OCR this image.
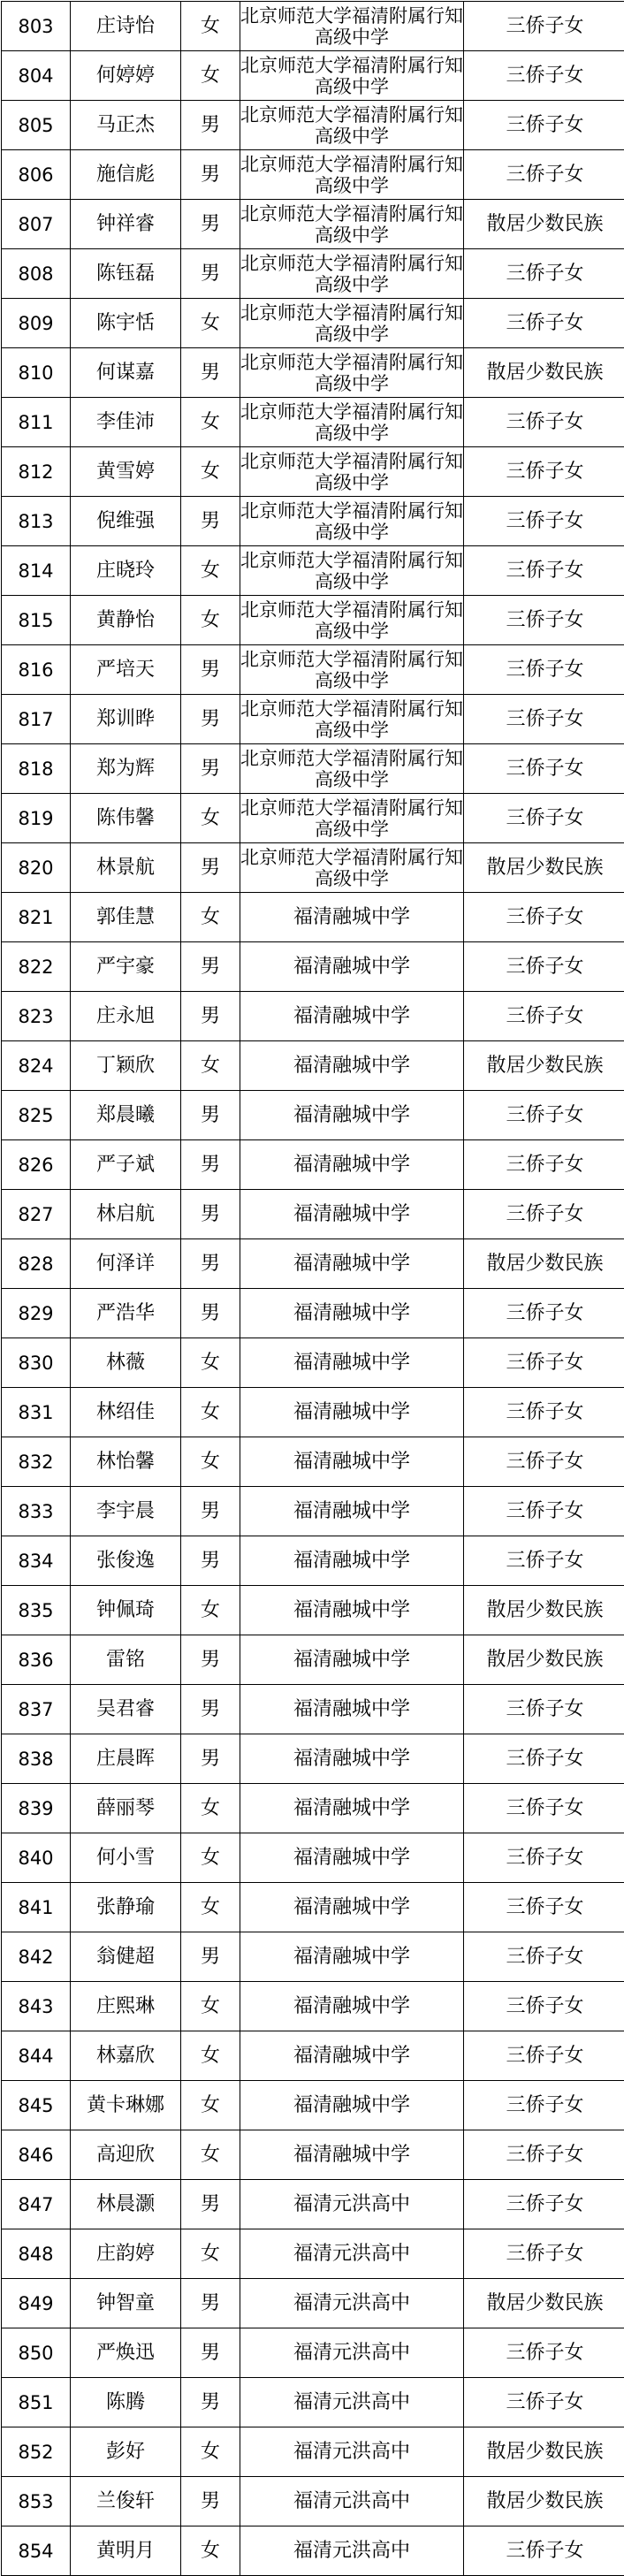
803	庄诗怡	女	北京师范大学福清附属行知高级中学	三侨子女
804	何婷婷	女	北京师范大学福清附属行知高级中学	三侨子女
805	马正杰	男	北京师范大学福清附属行知高级中学	三侨子女
806	施信彪	男	北京师范大学福清附属行知高级中学	三侨子女
807	钟祥睿	男	北京师范大学福清附属行知高级中学	散居少数民族
808	陈钰磊	男	北京师范大学福清附属行知高级中学	三侨子女
809	陈宇恬	女	北京师范大学福清附属行知高级中学	三侨子女
810	何谋嘉	男	北京师范大学福清附属行知高级中学	散居少数民族
811	李佳沛	女	北京师范大学福清附属行知高级中学	三侨子女
812	黄雪婷	女	北京师范大学福清附属行知高级中学	三侨子女
813	倪维强	男	北京师范大学福清附属行知高级中学	三侨子女
814	庄晓玲	女	北京师范大学福清附属行知高级中学	三侨子女
815	黄静怡	女	北京师范大学福清附属行知高级中学	三侨子女
816	严培天	男	北京师范大学福清附属行知高级中学	三侨子女
817	郑训晔	男	北京师范大学福清附属行知高级中学	三侨子女
818	郑为辉	男	北京师范大学福清附属行知高级中学	三侨子女
819	陈伟馨	女	北京师范大学福清附属行知高级中学	三侨子女
820	林景航	男	北京师范大学福清附属行知高级中学	散居少数民族
821	郭佳慧	女	福清融城中学	三侨子女
822	严宇豪	男	福清融城中学	三侨子女
823	庄永旭	男	福清融城中学	三侨子女
824	丁颖欣	女	福清融城中学	散居少数民族
825	郑晨曦	男	福清融城中学	三侨子女
826	严子斌	男	福清融城中学	三侨子女
827	林启航	男	福清融城中学	三侨子女
828	何泽详	男	福清融城中学	散居少数民族
829	严浩华	男	福清融城中学	三侨子女
830	林薇	女	福清融城中学	三侨子女
831	林绍佳	女	福清融城中学	三侨子女
832	林怡馨	女	福清融城中学	三侨子女
833	李宇晨	男	福清融城中学	三侨子女
834	张俊逸	男	福清融城中学	三侨子女
835	钟佩琦	女	福清融城中学	散居少数民族
836	雷铭	男	福清融城中学	散居少数民族
837	吴君睿	男	福清融城中学	三侨子女
838	庄晨晖	男	福清融城中学	三侨子女
839	薛丽琴	女	福清融城中学	三侨子女
840	何小雪	女	福清融城中学	三侨子女
841	张静瑜	女	福清融城中学	三侨子女
842	翁健超	男	福清融城中学	三侨子女
843	庄熙琳	女	福清融城中学	三侨子女
844	林嘉欣	女	福清融城中学	三侨子女
845	黄卡琳娜	女	福清融城中学	三侨子女
846	高迎欣	女	福清融城中学	三侨子女
847	林晨灏	男	福清元洪高中	三侨子女
848	庄韵婷	女	福清元洪高中	三侨子女
849	钟智童	男	福清元洪高中	散居少数民族
850	严焕迅	男	福清元洪高中	三侨子女
851	陈腾	男	福清元洪高中	三侨子女
852	彭好	女	福清元洪高中	散居少数民族
853	兰俊轩	男	福清元洪高中	散居少数民族
854	黄明月	女	福清元洪高中	三侨子女
